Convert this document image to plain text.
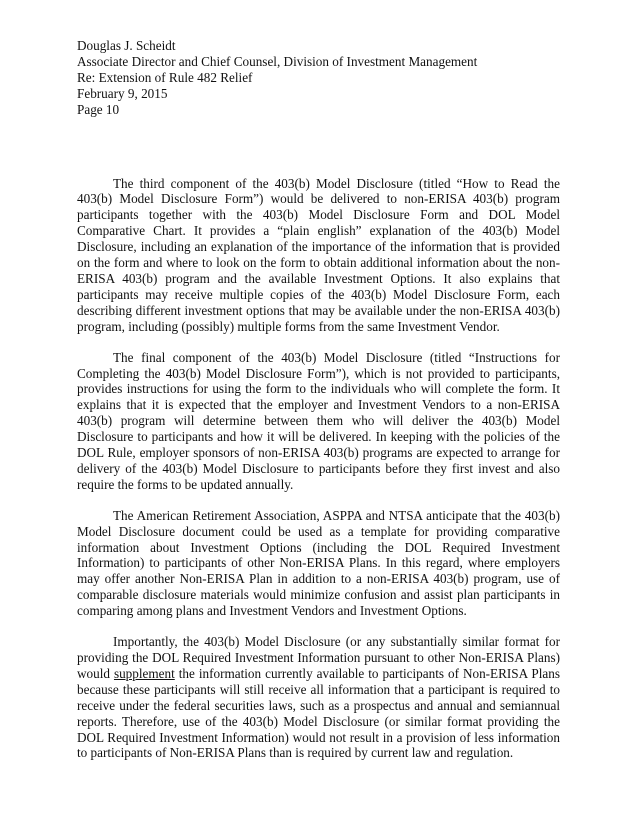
Douglas J. Scheidt
Associate Director and Chief Counsel, Division of Investment Management
Re: Extension of Rule 482 Relief
February 9, 2015
Page 10

The third component of the 403(b) Model Disclosure (titled “How to Read the 403(b) Model Disclosure Form”) would be delivered to non-ERISA 403(b) program participants together with the 403(b) Model Disclosure Form and DOL Model Comparative Chart. It provides a “plain english” explanation of the 403(b) Model Disclosure, including an explanation of the importance of the information that is provided on the form and where to look on the form to obtain additional information about the non-ERISA 403(b) program and the available Investment Options. It also explains that participants may receive multiple copies of the 403(b) Model Disclosure Form, each describing different investment options that may be available under the non-ERISA 403(b) program, including (possibly) multiple forms from the same Investment Vendor.

The final component of the 403(b) Model Disclosure (titled “Instructions for Completing the 403(b) Model Disclosure Form”), which is not provided to participants, provides instructions for using the form to the individuals who will complete the form. It explains that it is expected that the employer and Investment Vendors to a non-ERISA 403(b) program will determine between them who will deliver the 403(b) Model Disclosure to participants and how it will be delivered. In keeping with the policies of the DOL Rule, employer sponsors of non-ERISA 403(b) programs are expected to arrange for delivery of the 403(b) Model Disclosure to participants before they first invest and also require the forms to be updated annually.

The American Retirement Association, ASPPA and NTSA anticipate that the 403(b) Model Disclosure document could be used as a template for providing comparative information about Investment Options (including the DOL Required Investment Information) to participants of other Non-ERISA Plans. In this regard, where employers may offer another Non-ERISA Plan in addition to a non-ERISA 403(b) program, use of comparable disclosure materials would minimize confusion and assist plan participants in comparing among plans and Investment Vendors and Investment Options.

Importantly, the 403(b) Model Disclosure (or any substantially similar format for providing the DOL Required Investment Information pursuant to other Non-ERISA Plans) would supplement the information currently available to participants of Non-ERISA Plans because these participants will still receive all information that a participant is required to receive under the federal securities laws, such as a prospectus and annual and semiannual reports. Therefore, use of the 403(b) Model Disclosure (or similar format providing the DOL Required Investment Information) would not result in a provision of less information to participants of Non-ERISA Plans than is required by current law and regulation.
